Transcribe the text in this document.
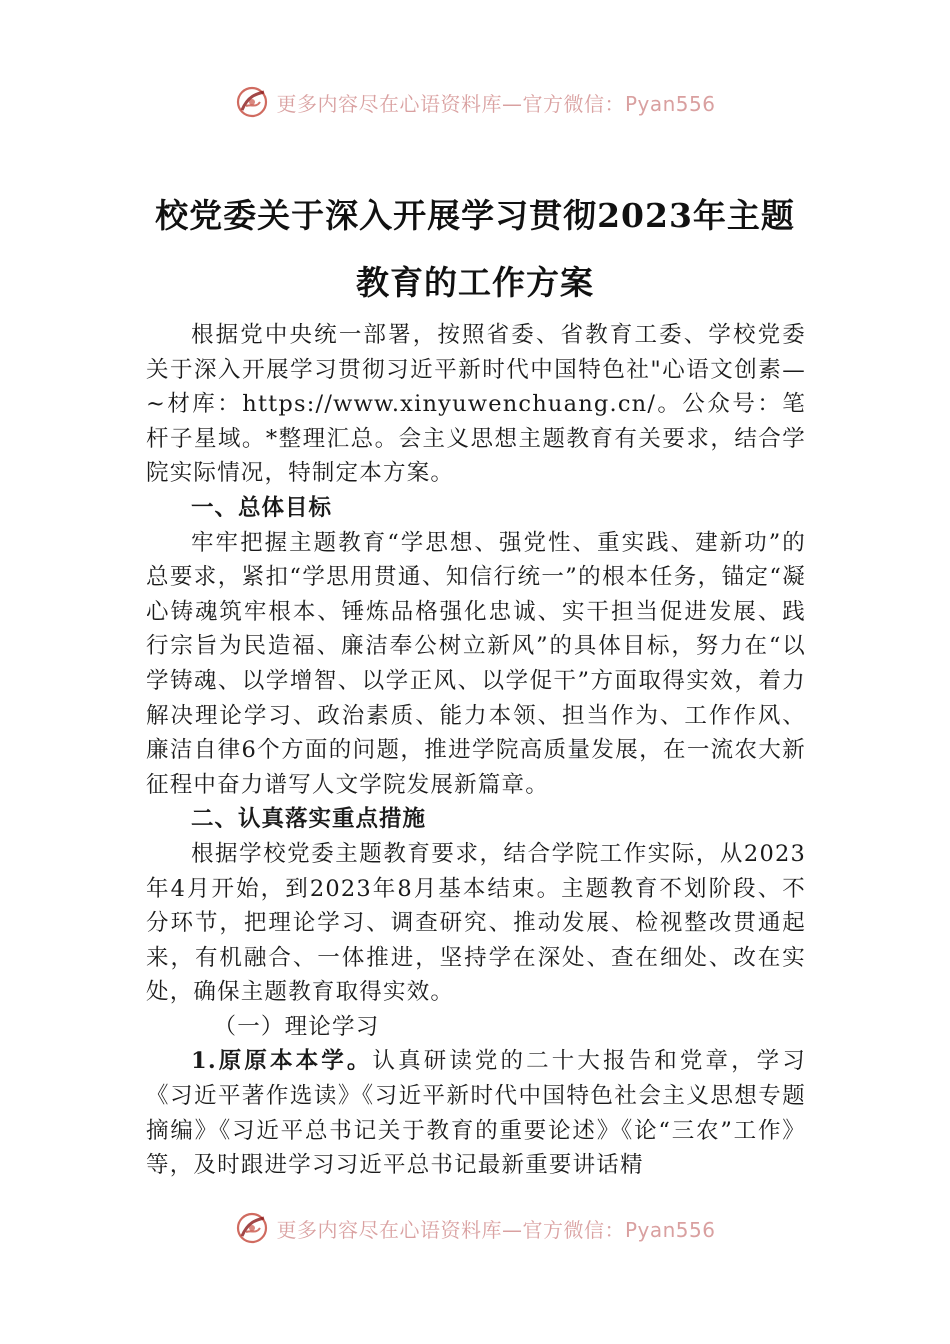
更多内容尽在心语资料库—官方微信：Pyan556
校党委关于深入开展学习贯彻2023年主题
教育的工作方案

根据党中央统一部署，按照省委、省教育工委、学校党委关于深入开展学习贯彻习近平新时代中国特色社"心语文创素—~材库：https://www.xinyuwenchuang.cn/。公众号：笔杆子星域。*整理汇总。会主义思想主题教育有关要求，结合学院实际情况，特制定本方案。

一、总体目标

牢牢把握主题教育“学思想、强党性、重实践、建新功”的总要求，紧扣“学思用贯通、知信行统一”的根本任务，锚定“凝心铸魂筑牢根本、锤炼品格强化忠诚、实干担当促进发展、践行宗旨为民造福、廉洁奉公树立新风”的具体目标，努力在“以学铸魂、以学增智、以学正风、以学促干”方面取得实效，着力解决理论学习、政治素质、能力本领、担当作为、工作作风、廉洁自律6个方面的问题，推进学院高质量发展，在一流农大新征程中奋力谱写人文学院发展新篇章。

二、认真落实重点措施

根据学校党委主题教育要求，结合学院工作实际，从2023年4月开始，到2023年8月基本结束。主题教育不划阶段、不分环节，把理论学习、调查研究、推动发展、检视整改贯通起来，有机融合、一体推进，坚持学在深处、查在细处、改在实处，确保主题教育取得实效。

（一）理论学习

1.原原本本学。认真研读党的二十大报告和党章，学习《习近平著作选读》《习近平新时代中国特色社会主义思想专题摘编》《习近平总书记关于教育的重要论述》《论“三农”工作》等，及时跟进学习习近平总书记最新重要讲话精

更多内容尽在心语资料库—官方微信：Pyan556
